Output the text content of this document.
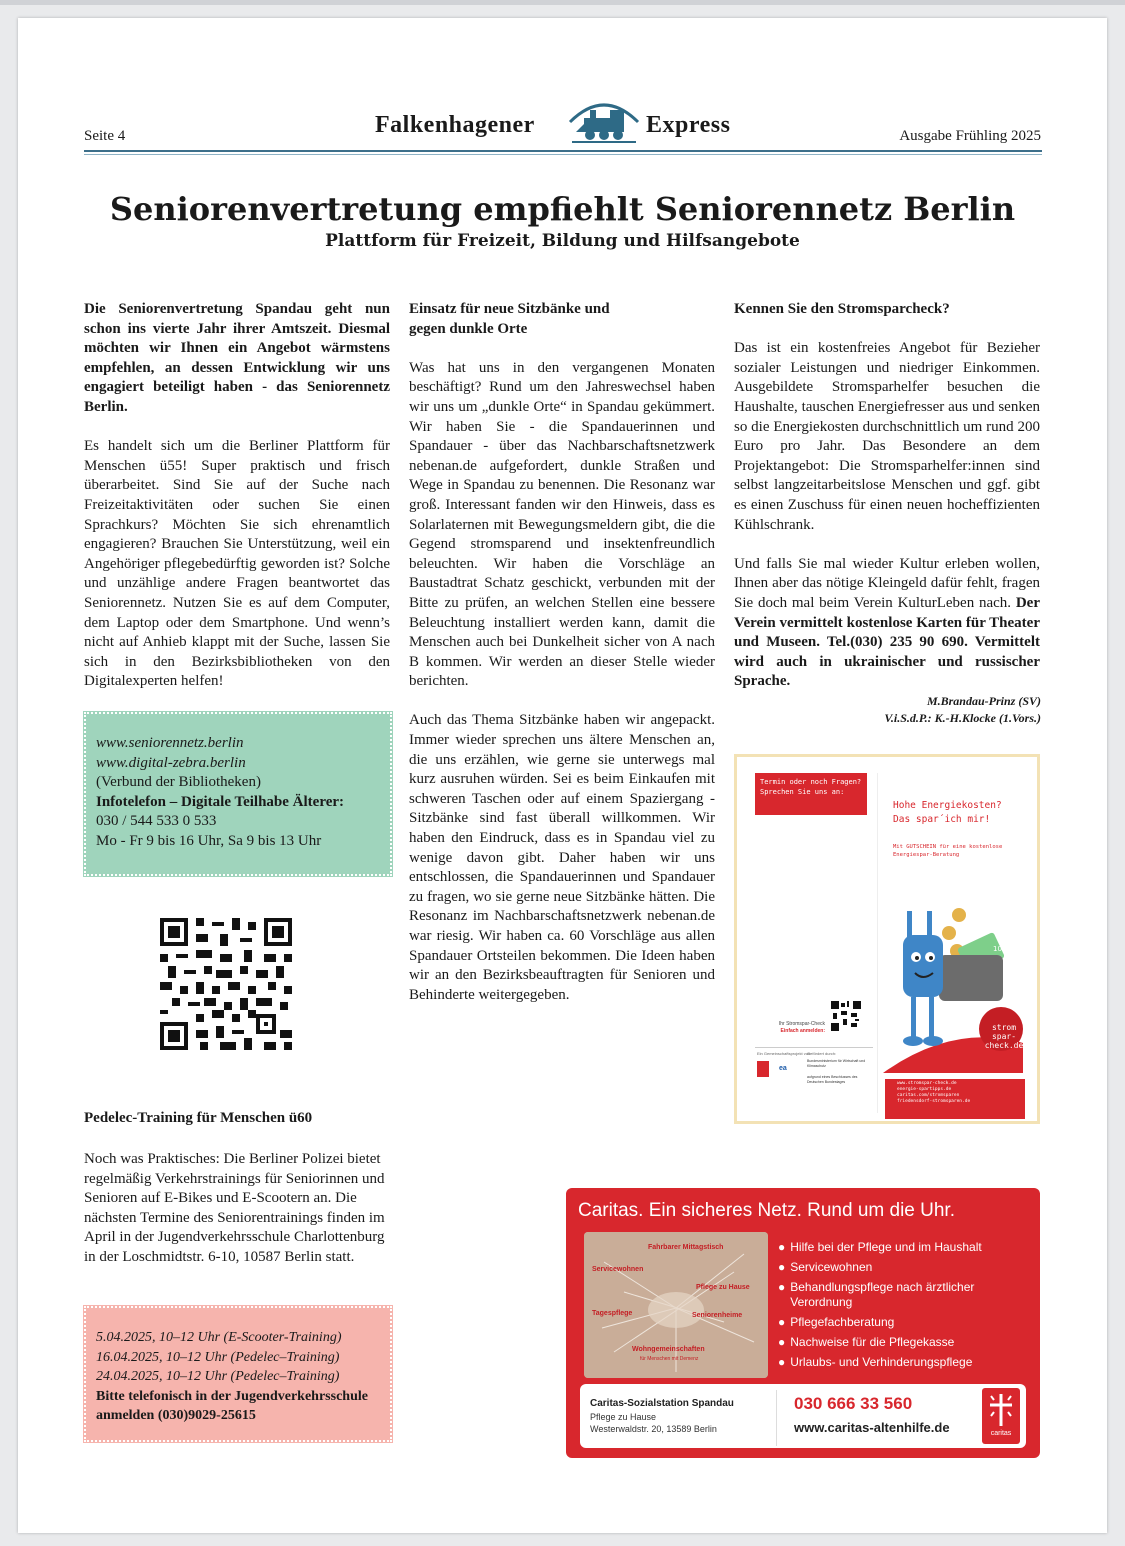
Seite 4	Falkenhagener	Express	Ausgabe Frühling 2025
Seniorenvertretung empfiehlt Seniorennetz Berlin
Plattform für Freizeit, Bildung und Hilfsangebote

Die Seniorenvertretung Spandau geht nun schon ins vierte Jahr ihrer Amtszeit. Diesmal möchten wir Ihnen ein Angebot wärmstens empfehlen, an dessen Entwicklung wir uns engagiert beteiligt haben - das Seniorennetz Berlin.

Es handelt sich um die Berliner Plattform für Menschen ü55! Super praktisch und frisch überarbeitet. Sind Sie auf der Suche nach Freizeitaktivitäten oder suchen Sie einen Sprachkurs? Möchten Sie sich ehrenamtlich engagieren? Brauchen Sie Unterstützung, weil ein Angehöriger pflegebedürftig geworden ist? Solche und unzählige andere Fragen beantwortet das Seniorennetz. Nutzen Sie es auf dem Computer, dem Laptop oder dem Smartphone. Und wenn’s nicht auf Anhieb klappt mit der Suche, lassen Sie sich in den Bezirksbibliotheken von den Digitalexperten helfen!

www.seniorennetz.berlin
www.digital-zebra.berlin
(Verbund der Bibliotheken)
Infotelefon – Digitale Teilhabe Älterer:
030 / 544 533 0 533
Mo - Fr 9 bis 16 Uhr, Sa 9 bis 13 Uhr
Pedelec-Training für Menschen ü60

Noch was Praktisches: Die Berliner Polizei bietet regelmäßig Verkehrstrainings für Seniorinnen und Senioren auf E-Bikes und E-Scootern an. Die nächsten Termine des Seniorentrainings finden im April in der Jugendverkehrsschule Charlottenburg in der Loschmidtstr. 6-10, 10587 Berlin statt.

5.04.2025, 10–12 Uhr (E-Scooter-Training)
16.04.2025, 10–12 Uhr (Pedelec–Training)
24.04.2025, 10–12 Uhr (Pedelec–Training)
Bitte telefonisch in der Jugendverkehrsschule anmelden (030)9029-25615

Einsatz für neue Sitzbänke und gegen dunkle Orte

Was hat uns in den vergangenen Monaten beschäftigt? Rund um den Jahreswechsel haben wir uns um „dunkle Orte“ in Spandau gekümmert. Wir haben Sie - die Spandauerinnen und Spandauer - über das Nachbarschaftsnetzwerk nebenan.de aufgefordert, dunkle Straßen und Wege in Spandau zu benennen. Die Resonanz war groß. Interessant fanden wir den Hinweis, dass es Solarlaternen mit Bewegungsmeldern gibt, die die Gegend stromsparend und insektenfreundlich beleuchten. Wir haben die Vorschläge an Baustadtrat Schatz geschickt, verbunden mit der Bitte zu prüfen, an welchen Stellen eine bessere Beleuchtung installiert werden kann, damit die Menschen auch bei Dunkelheit sicher von A nach B kommen. Wir werden an dieser Stelle wieder berichten.

Auch das Thema Sitzbänke haben wir angepackt. Immer wieder sprechen uns ältere Menschen an, die uns erzählen, wie gerne sie unterwegs mal kurz ausruhen würden. Sei es beim Einkaufen mit schweren Taschen oder auf einem Spaziergang - Sitzbänke sind fast überall willkommen. Wir haben den Eindruck, dass es in Spandau viel zu wenige davon gibt. Daher haben wir uns entschlossen, die Spandauerinnen und Spandauer zu fragen, wo sie gerne neue Sitzbänke hätten. Die Resonanz im Nachbarschaftsnetzwerk nebenan.de war riesig. Wir haben ca. 60 Vorschläge aus allen Spandauer Ortsteilen bekommen. Die Ideen haben wir an den Bezirksbeauftragten für Senioren und Behinderte weitergegeben.

Kennen Sie den Stromsparcheck?

Das ist ein kostenfreies Angebot für Bezieher sozialer Leistungen und niedriger Einkommen. Ausgebildete Stromsparhelfer besuchen die Haushalte, tauschen Energiefresser aus und senken so die Energiekosten durchschnittlich um rund 200 Euro pro Jahr. Das Besondere an dem Projektangebot: Die Stromsparhelfer:innen sind selbst langzeitarbeitslose Menschen und ggf. gibt es einen Zuschuss für einen neuen hocheffizienten Kühlschrank.

Und falls Sie mal wieder Kultur erleben wollen, Ihnen aber das nötige Kleingeld dafür fehlt, fragen Sie doch mal beim Verein KulturLeben nach. Der Verein vermittelt kostenlose Karten für Theater und Museen. Tel.(030) 235 90 690. Vermittelt wird auch in ukrainischer und russischer Sprache.

M.Brandau-Prinz (SV)
V.i.S.d.P.: K.-H.Klocke (1.Vors.)
Termin oder noch Fragen? Sprechen Sie uns an:
Hohe Energiekosten? Das spar´ich mir!
Mit GUTSCHEIN für eine kostenlose Energiespar-Beratung
100
strom spar- check.de
www.stromspar-check.de
energie-spartipps.de
caritas.com/stromsparen
friedensdorf-stromsparen.de
Ihr Stromspar-Check
Einfach anmelden:
Ein Gemeinschaftsprojekt von:
Gefördert durch:
ea
Bundesministerium für Wirtschaft und Klimaschutz
aufgrund eines Beschlusses des Deutschen Bundestages
Caritas. Ein sicheres Netz. Rund um die Uhr.
Fahrbarer Mittagstisch
Servicewohnen
Pflege zu Hause
Tagespflege	Seniorenheime
Wohngemeinschaften
für Menschen mit Demenz
● Hilfe bei der Pflege und im Haushalt
● Servicewohnen
● Behandlungspflege nach ärztlicher Verordnung
● Pflegefachberatung
● Nachweise für die Pflegekasse
● Urlaubs- und Verhinderungspflege
Caritas-Sozialstation Spandau
Pflege zu Hause
Westerwaldstr. 20, 13589 Berlin
030 666 33 560
www.caritas-altenhilfe.de	caritas
